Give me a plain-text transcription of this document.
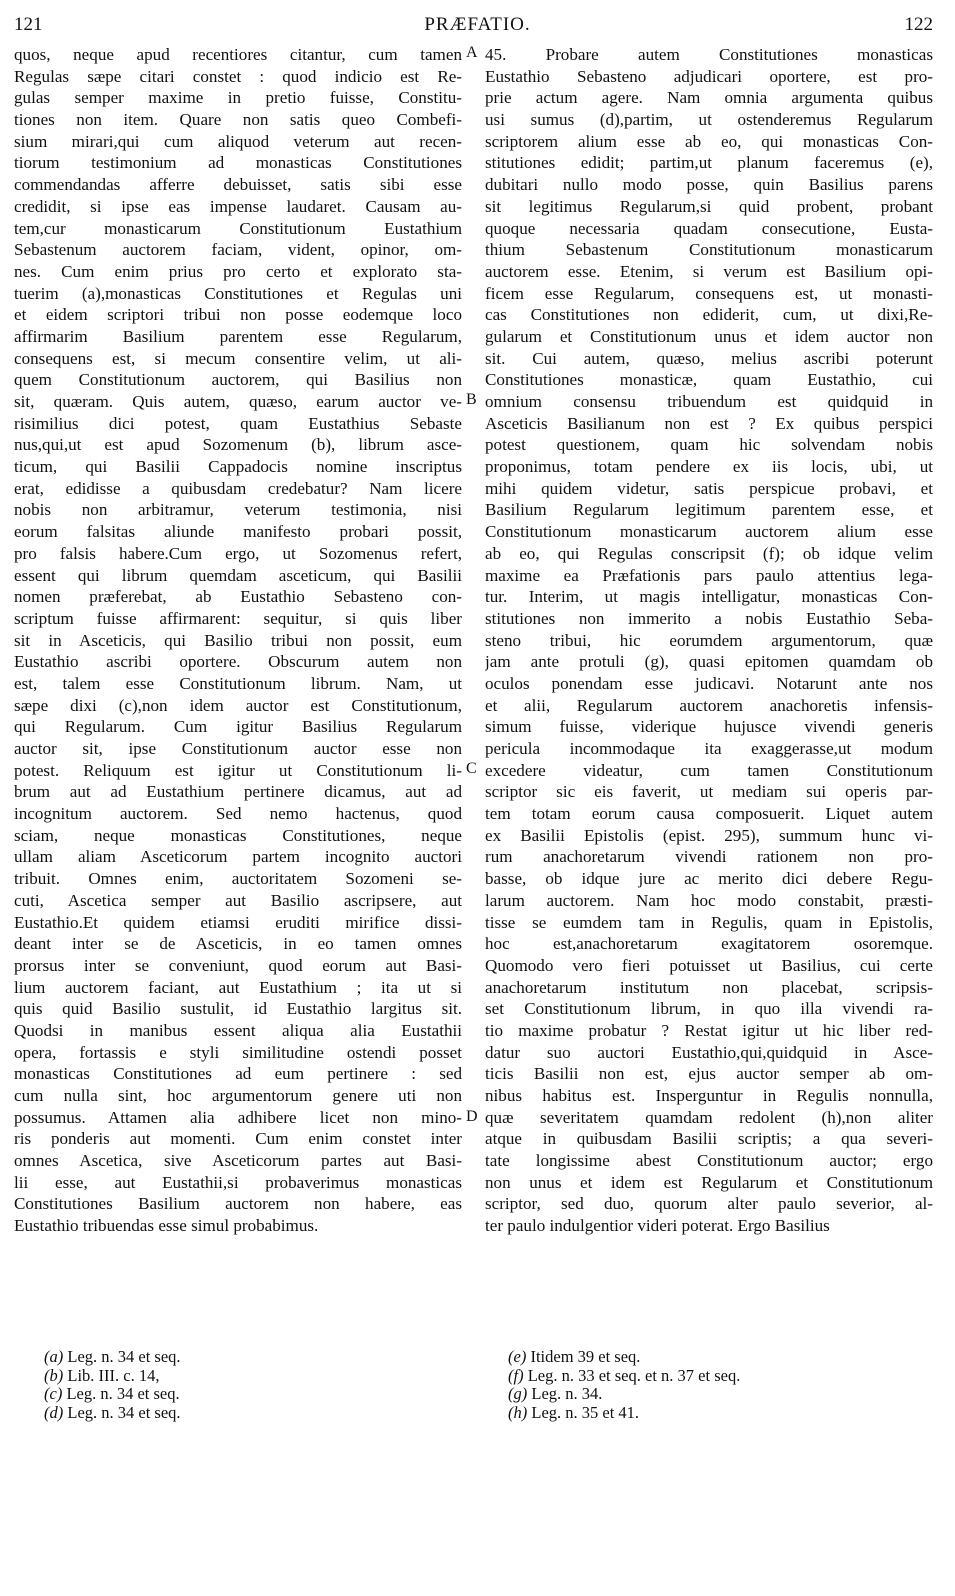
121	PRÆFATIO.	122
quos, neque apud recentiores citantur, cum tamen
Regulas sæpe citari constet : quod indicio est Re-
gulas semper maxime in pretio fuisse, Constitu-
tiones non item. Quare non satis queo Combefi-
sium mirari,qui cum aliquod veterum aut recen-
tiorum testimonium ad monasticas Constitutiones
commendandas afferre debuisset, satis sibi esse
credidit, si ipse eas impense laudaret. Causam au-
tem,cur monasticarum Constitutionum Eustathium
Sebastenum auctorem faciam, vident, opinor, om-
nes. Cum enim prius pro certo et explorato sta-
tuerim (a),monasticas Constitutiones et Regulas uni
et eidem scriptori tribui non posse eodemque loco
affirmarim Basilium parentem esse Regularum,
consequens est, si mecum consentire velim, ut ali-
quem Constitutionum auctorem, qui Basilius non
sit, quæram. Quis autem, quæso, earum auctor ve-
risimilius dici potest, quam Eustathius Sebaste
nus,qui,ut est apud Sozomenum (b), librum asce-
ticum, qui Basilii Cappadocis nomine inscriptus
erat, edidisse a quibusdam credebatur? Nam licere
nobis non arbitramur, veterum testimonia, nisi
eorum falsitas aliunde manifesto probari possit,
pro falsis habere.Cum ergo, ut Sozomenus refert,
essent qui librum quemdam asceticum, qui Basilii
nomen præferebat, ab Eustathio Sebasteno con-
scriptum fuisse affirmarent: sequitur, si quis liber
sit in Asceticis, qui Basilio tribui non possit, eum
Eustathio ascribi oportere. Obscurum autem non
est, talem esse Constitutionum librum. Nam, ut
sæpe dixi (c),non idem auctor est Constitutionum,
qui Regularum. Cum igitur Basilius Regularum
auctor sit, ipse Constitutionum auctor esse non
potest. Reliquum est igitur ut Constitutionum li-
brum aut ad Eustathium pertinere dicamus, aut ad
incognitum auctorem. Sed nemo hactenus, quod
sciam, neque monasticas Constitutiones, neque
ullam aliam Asceticorum partem incognito auctori
tribuit. Omnes enim, auctoritatem Sozomeni se-
cuti, Ascetica semper aut Basilio ascripsere, aut
Eustathio.Et quidem etiamsi eruditi mirifice dissi-
deant inter se de Asceticis, in eo tamen omnes
prorsus inter se conveniunt, quod eorum aut Basi-
lium auctorem faciant, aut Eustathium ; ita ut si
quis quid Basilio sustulit, id Eustathio largitus sit.
Quodsi in manibus essent aliqua alia Eustathii
opera, fortassis e styli similitudine ostendi posset
monasticas Constitutiones ad eum pertinere : sed
cum nulla sint, hoc argumentorum genere uti non
possumus. Attamen alia adhibere licet non mino-
ris ponderis aut momenti. Cum enim constet inter
omnes Ascetica, sive Asceticorum partes aut Basi-
lii esse, aut Eustathii,si probaverimus monasticas
Constitutiones Basilium auctorem non habere, eas
Eustathio tribuendas esse simul probabimus.
45. Probare autem Constitutiones monasticas
Eustathio Sebasteno adjudicari oportere, est pro-
prie actum agere. Nam omnia argumenta quibus
usi sumus (d),partim, ut ostenderemus Regularum
scriptorem alium esse ab eo, qui monasticas Con-
stitutiones edidit; partim,ut planum faceremus (e),
dubitari nullo modo posse, quin Basilius parens
sit legitimus Regularum,si quid probent, probant
quoque necessaria quadam consecutione, Eusta-
thium Sebastenum Constitutionum monasticarum
auctorem esse. Etenim, si verum est Basilium opi-
ficem esse Regularum, consequens est, ut monasti-
cas Constitutiones non ediderit, cum, ut dixi,Re-
gularum et Constitutionum unus et idem auctor non
sit. Cui autem, quæso, melius ascribi poterunt
Constitutiones monasticæ, quam Eustathio, cui
omnium consensu tribuendum est quidquid in
Asceticis Basilianum non est ? Ex quibus perspici
potest questionem, quam hic solvendam nobis
proponimus, totam pendere ex iis locis, ubi, ut
mihi quidem videtur, satis perspicue probavi, et
Basilium Regularum legitimum parentem esse, et
Constitutionum monasticarum auctorem alium esse
ab eo, qui Regulas conscripsit (f); ob idque velim
maxime ea Præfationis pars paulo attentius lega-
tur. Interim, ut magis intelligatur, monasticas Con-
stitutiones non immerito a nobis Eustathio Seba-
steno tribui, hic eorumdem argumentorum, quæ
jam ante protuli (g), quasi epitomen quamdam ob
oculos ponendam esse judicavi. Notarunt ante nos
et alii, Regularum auctorem anachoretis infensis-
simum fuisse, viderique hujusce vivendi generis
pericula incommodaque ita exaggerasse,ut modum
excedere videatur, cum tamen Constitutionum
scriptor sic eis faverit, ut mediam sui operis par-
tem totam eorum causa composuerit. Liquet autem
ex Basilii Epistolis (epist. 295), summum hunc vi-
rum anachoretarum vivendi rationem non pro-
basse, ob idque jure ac merito dici debere Regu-
larum auctorem. Nam hoc modo constabit, præsti-
tisse se eumdem tam in Regulis, quam in Epistolis,
hoc est,anachoretarum exagitatorem osoremque.
Quomodo vero fieri potuisset ut Basilius, cui certe
anachoretarum institutum non placebat, scripsis-
set Constitutionum librum, in quo illa vivendi ra-
tio maxime probatur ? Restat igitur ut hic liber red-
datur suo auctori Eustathio,qui,quidquid in Asce-
ticis Basilii non est, ejus auctor semper ab om-
nibus habitus est. Insperguntur in Regulis nonnulla,
quæ severitatem quamdam redolent (h),non aliter
atque in quibusdam Basilii scriptis; a qua severi-
tate longissime abest Constitutionum auctor; ergo
non unus et idem est Regularum et Constitutionum
scriptor, sed duo, quorum alter paulo severior, al-
ter paulo indulgentior videri poterat. Ergo Basilius
A
B
C
D
(a) Leg. n. 34 et seq.
(b) Lib. III. c. 14,
(c) Leg. n. 34 et seq.
(d) Leg. n. 34 et seq.
(e) Itidem 39 et seq.
(f) Leg. n. 33 et seq. et n. 37 et seq.
(g) Leg. n. 34.
(h) Leg. n. 35 et 41.
